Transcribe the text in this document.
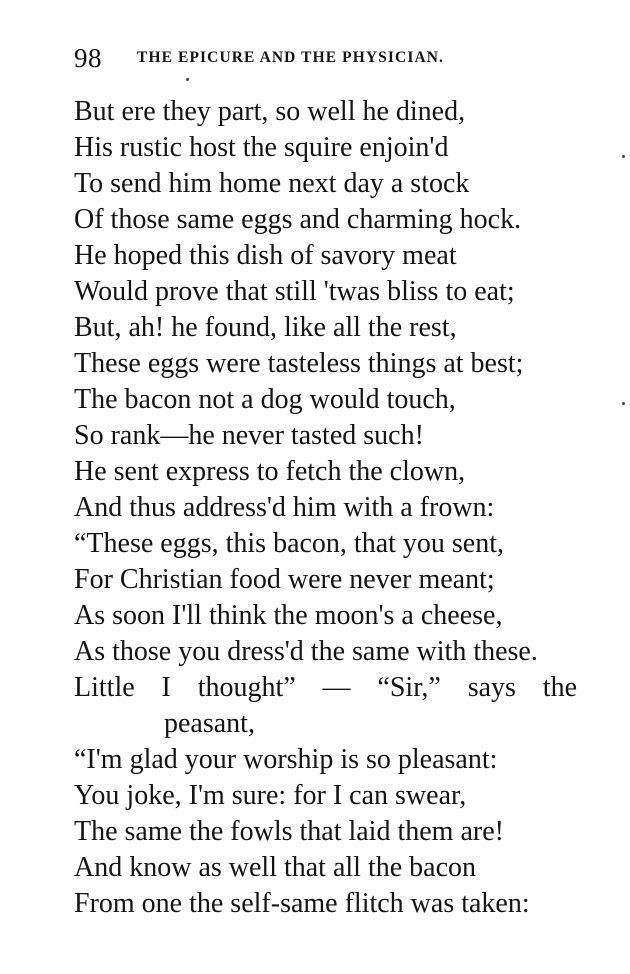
98 THE EPICURE AND THE PHYSICIAN.
But ere they part, so well he dined,
His rustic host the squire enjoin'd
To send him home next day a stock
Of those same eggs and charming hock.
He hoped this dish of savory meat
Would prove that still 'twas bliss to eat;
But, ah! he found, like all the rest,
These eggs were tasteless things at best;
The bacon not a dog would touch,
So rank—he never tasted such!
He sent express to fetch the clown,
And thus address'd him with a frown:
“These eggs, this bacon, that you sent,
For Christian food were never meant;
As soon I'll think the moon's a cheese,
As those you dress'd the same with these.
Little I thought” — “Sir,” says the
peasant,
“I'm glad your worship is so pleasant:
You joke, I'm sure: for I can swear,
The same the fowls that laid them are!
And know as well that all the bacon
From one the self-same flitch was taken:
